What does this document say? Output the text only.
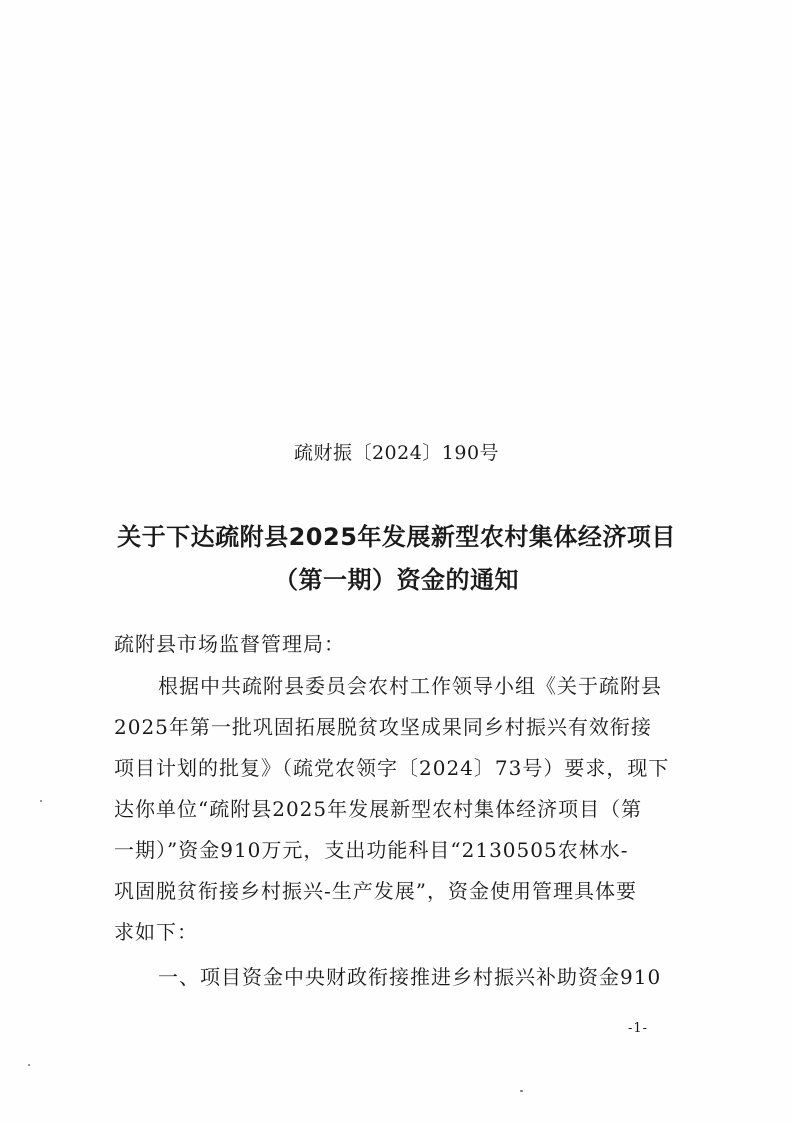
疏财振〔2024〕190号
关于下达疏附县2025年发展新型农村集体经济项目
（第一期）资金的通知
疏附县市场监督管理局：
根据中共疏附县委员会农村工作领导小组《关于疏附县
2025年第一批巩固拓展脱贫攻坚成果同乡村振兴有效衔接
项目计划的批复》（疏党农领字〔2024〕73号）要求，现下
达你单位“疏附县2025年发展新型农村集体经济项目（第
一期）”资金910万元，支出功能科目“2130505农林水-
巩固脱贫衔接乡村振兴-生产发展”，资金使用管理具体要
求如下：
一、项目资金中央财政衔接推进乡村振兴补助资金910
-1-
